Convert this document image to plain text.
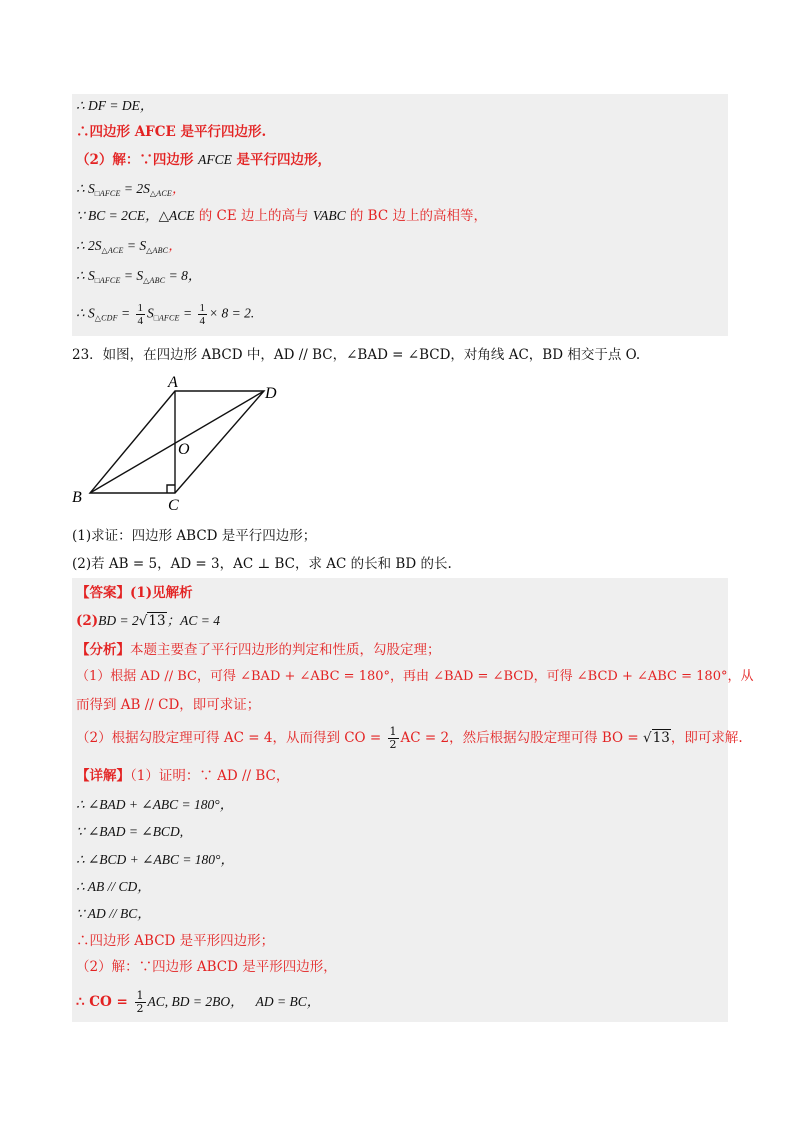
∴ DF = DE，
∴四边形 AFCE 是平行四边形.
（2）解：∵四边形 AFCE 是平行四边形，
∴ $S_{□AFCE} = 2S_{\triangle ACE}$，
∵ BC = 2CE，△ACE 的 CE 边上的高与 VABC 的 BC 边上的高相等，
∴ $2S_{\triangle ACE} = S_{\triangle ABC}$，
∴ $S_{□AFCE} = S_{\triangle ABC} = 8$，
∴ $S_{\triangle CDF} = \frac{1}{4} S_{□AFCE} = \frac{1}{4} \times 8 = 2$.
23．如图，在四边形 ABCD 中，AD // BC，∠BAD = ∠BCD，对角线 AC，BD 相交于点 O.
A
B	C
D
O
(1)求证：四边形 ABCD 是平行四边形；
(2)若 AB = 5，AD = 3，AC ⊥ BC，求 AC 的长和 BD 的长.
【答案】(1)见解析
(2)BD = 2√13；AC = 4
【分析】本题主要查了平行四边形的判定和性质，勾股定理；
（1）根据 AD // BC，可得 ∠BAD + ∠ABC = 180°，再由 ∠BAD = ∠BCD，可得 ∠BCD + ∠ABC = 180°，从
而得到 AB // CD，即可求证；
（2）根据勾股定理可得 AC = 4，从而得到 CO = $\frac{1}{2}$ AC = 2，然后根据勾股定理可得 BO = √13，即可求解.
【详解】（1）证明：∵ AD // BC，
∴ ∠BAD + ∠ABC = 180°，
∵ ∠BAD = ∠BCD,
∴ ∠BCD + ∠ABC = 180°，
∴ AB // CD，
∵ AD // BC，
∴四边形 ABCD 是平形四边形；
（2）解：∵四边形 ABCD 是平形四边形，
∴ CO = $\frac{1}{2}$ AC, BD = 2BO， AD = BC，
